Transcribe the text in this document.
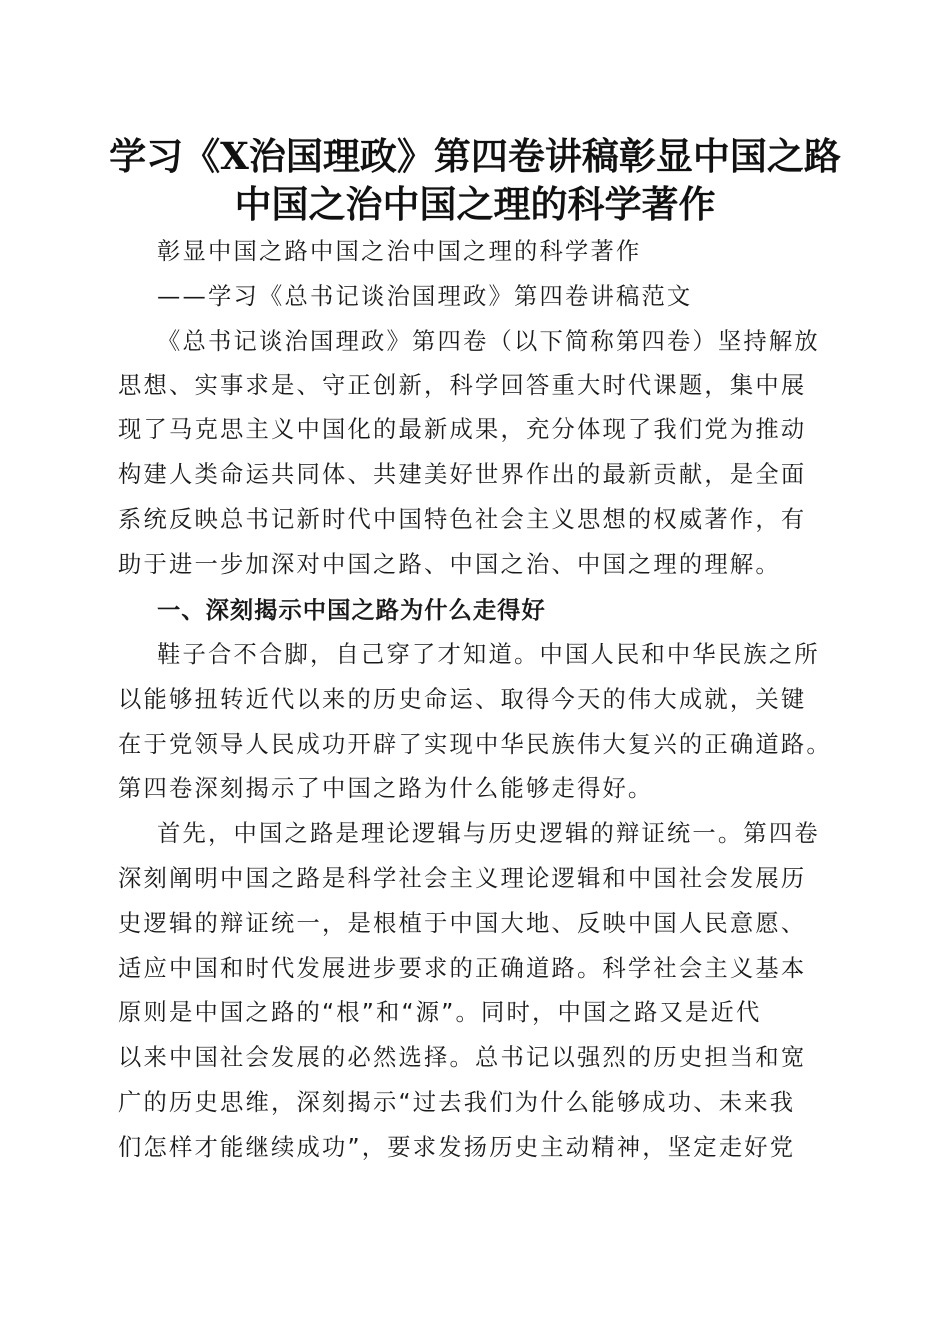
学习《X治国理政》第四卷讲稿彰显中国之路
中国之治中国之理的科学著作

彰显中国之路中国之治中国之理的科学著作

——学习《总书记谈治国理政》第四卷讲稿范文

《总书记谈治国理政》第四卷（以下简称第四卷）坚持解放

思想、实事求是、守正创新，科学回答重大时代课题，集中展

现了马克思主义中国化的最新成果，充分体现了我们党为推动

构建人类命运共同体、共建美好世界作出的最新贡献，是全面

系统反映总书记新时代中国特色社会主义思想的权威著作，有

助于进一步加深对中国之路、中国之治、中国之理的理解。

一、深刻揭示中国之路为什么走得好

鞋子合不合脚，自己穿了才知道。中国人民和中华民族之所

以能够扭转近代以来的历史命运、取得今天的伟大成就，关键

在于党领导人民成功开辟了实现中华民族伟大复兴的正确道路。

第四卷深刻揭示了中国之路为什么能够走得好。

首先，中国之路是理论逻辑与历史逻辑的辩证统一。第四卷

深刻阐明中国之路是科学社会主义理论逻辑和中国社会发展历

史逻辑的辩证统一，是根植于中国大地、反映中国人民意愿、

适应中国和时代发展进步要求的正确道路。科学社会主义基本

原则是中国之路的“根”和“源”。同时，中国之路又是近代

以来中国社会发展的必然选择。总书记以强烈的历史担当和宽

广的历史思维，深刻揭示“过去我们为什么能够成功、未来我

们怎样才能继续成功”，要求发扬历史主动精神，坚定走好党
